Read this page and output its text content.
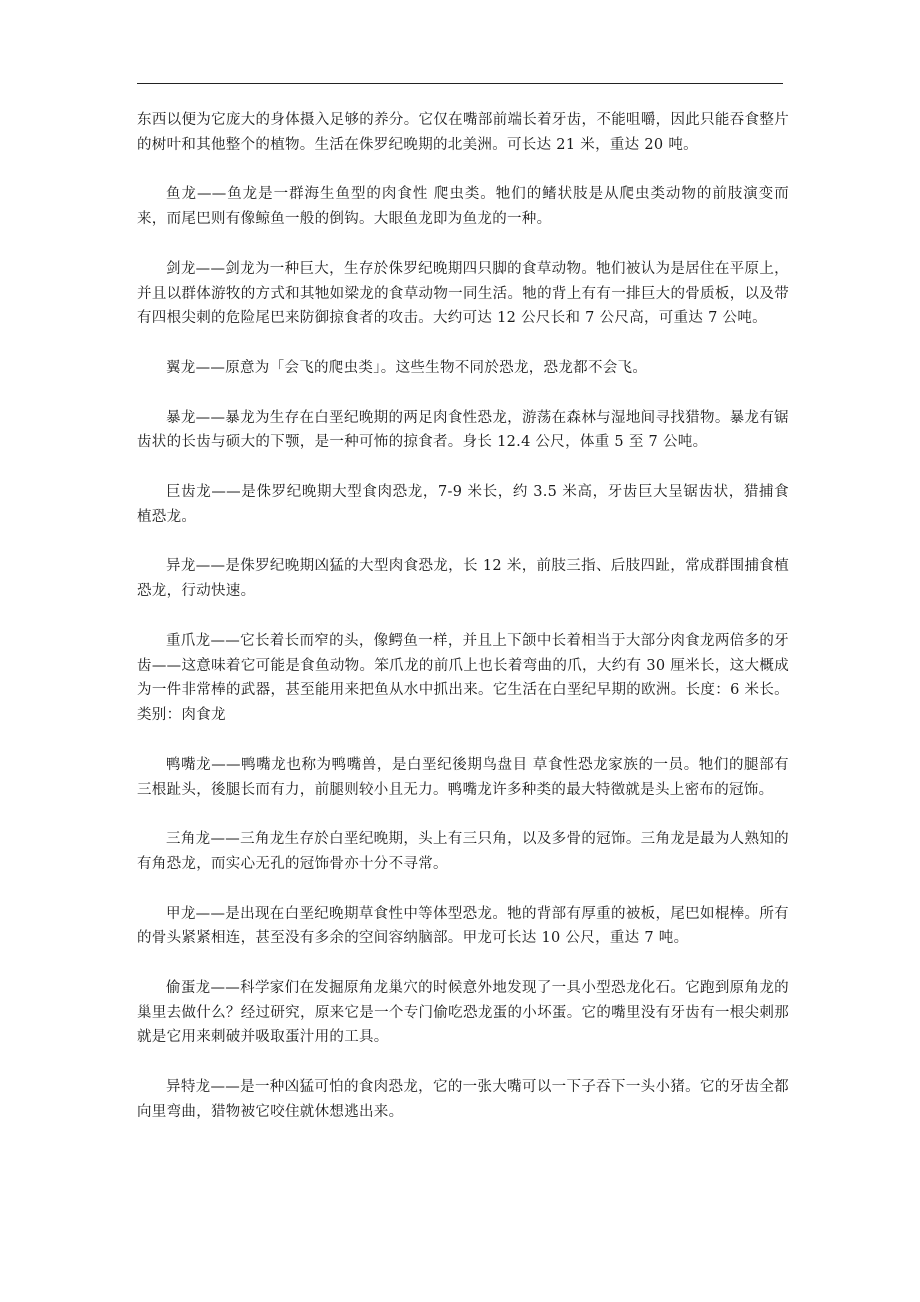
东西以便为它庞大的身体摄入足够的养分。它仅在嘴部前端长着牙齿，不能咀嚼，因此只能吞食整片的树叶和其他整个的植物。生活在侏罗纪晚期的北美洲。可长达 21 米，重达 20 吨。

鱼龙——鱼龙是一群海生鱼型的肉食性 爬虫类。牠们的鳍状肢是从爬虫类动物的前肢演变而来，而尾巴则有像鲸鱼一般的倒钩。大眼鱼龙即为鱼龙的一种。

剑龙——剑龙为一种巨大，生存於侏罗纪晚期四只脚的食草动物。牠们被认为是居住在平原上，并且以群体游牧的方式和其牠如梁龙的食草动物一同生活。牠的背上有有一排巨大的骨质板，以及带有四根尖刺的危险尾巴来防御掠食者的攻击。大约可达 12 公尺长和 7 公尺高，可重达 7 公吨。

翼龙——原意为「会飞的爬虫类」。这些生物不同於恐龙，恐龙都不会飞。

暴龙——暴龙为生存在白垩纪晚期的两足肉食性恐龙，游荡在森林与湿地间寻找猎物。暴龙有锯齿状的长齿与硕大的下颚，是一种可怖的掠食者。身长 12.4 公尺，体重 5 至 7 公吨。

巨齿龙——是侏罗纪晚期大型食肉恐龙，7-9 米长，约 3.5 米高，牙齿巨大呈锯齿状，猎捕食植恐龙。

异龙——是侏罗纪晚期凶猛的大型肉食恐龙，长 12 米，前肢三指、后肢四趾，常成群围捕食植恐龙，行动快速。

重爪龙——它长着长而窄的头，像鳄鱼一样，并且上下颌中长着相当于大部分肉食龙两倍多的牙齿——这意味着它可能是食鱼动物。笨爪龙的前爪上也长着弯曲的爪，大约有 30 厘米长，这大概成为一件非常棒的武器，甚至能用来把鱼从水中抓出来。它生活在白垩纪早期的欧洲。长度：6 米长。类别：肉食龙

鸭嘴龙——鸭嘴龙也称为鸭嘴兽，是白垩纪後期鸟盘目 草食性恐龙家族的一员。牠们的腿部有三根趾头，後腿长而有力，前腿则较小且无力。鸭嘴龙许多种类的最大特徵就是头上密布的冠饰。

三角龙——三角龙生存於白垩纪晚期，头上有三只角，以及多骨的冠饰。三角龙是最为人熟知的有角恐龙，而实心无孔的冠饰骨亦十分不寻常。

甲龙——是出现在白垩纪晚期草食性中等体型恐龙。牠的背部有厚重的被板，尾巴如棍棒。所有的骨头紧紧相连，甚至没有多余的空间容纳脑部。甲龙可长达 10 公尺，重达 7 吨。

偷蛋龙——科学家们在发掘原角龙巢穴的时候意外地发现了一具小型恐龙化石。它跑到原角龙的巢里去做什么？经过研究，原来它是一个专门偷吃恐龙蛋的小坏蛋。它的嘴里没有牙齿有一根尖刺那就是它用来刺破并吸取蛋汁用的工具。

异特龙——是一种凶猛可怕的食肉恐龙，它的一张大嘴可以一下子吞下一头小猪。它的牙齿全都向里弯曲，猎物被它咬住就休想逃出来。
